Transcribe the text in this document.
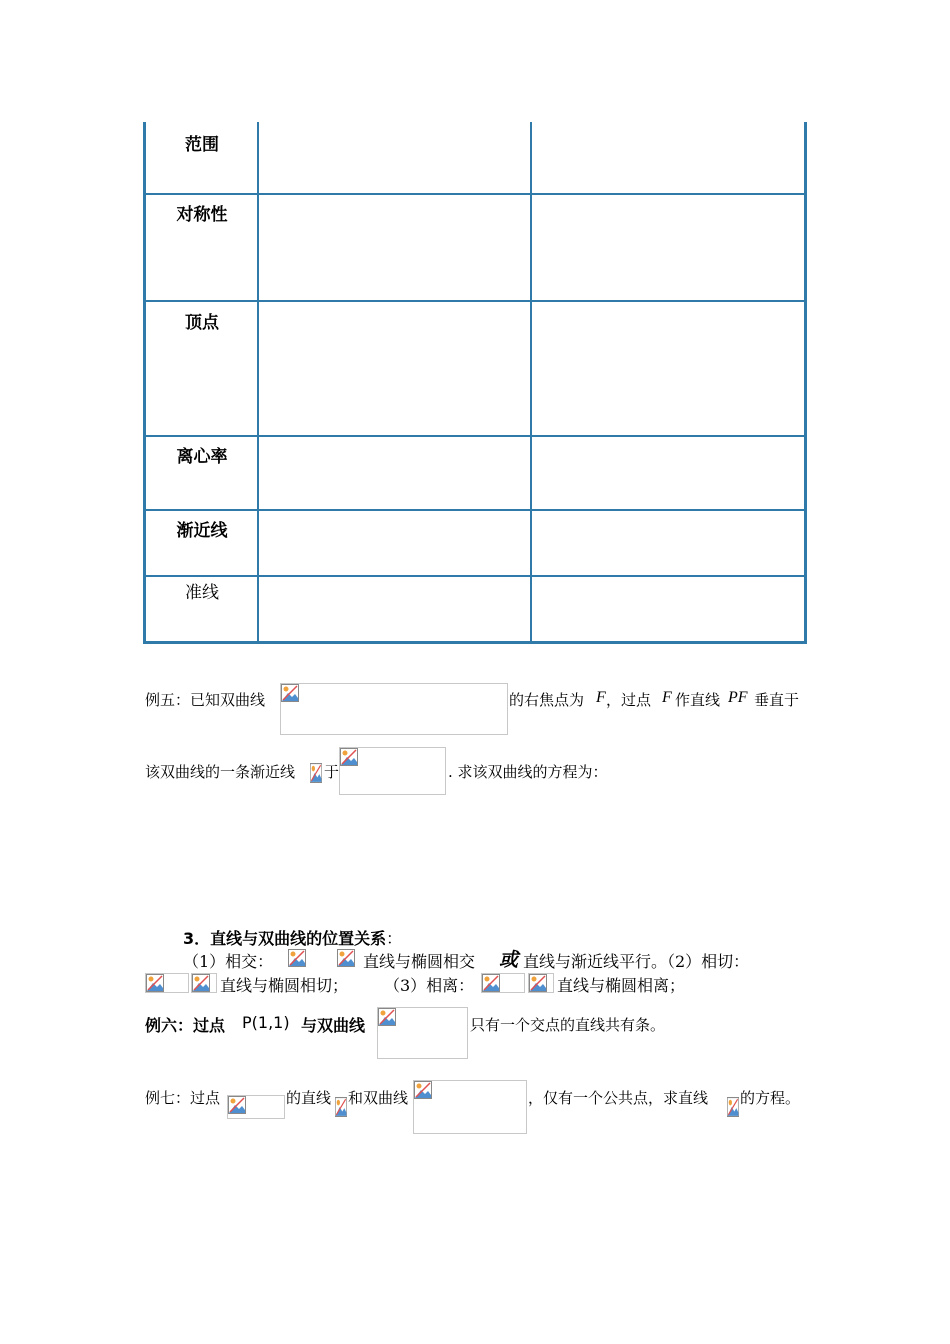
范围
对称性
顶点
离心率
渐近线
准线
例五：已知双曲线	的右焦点为 F ，过点 F 作直线 PF 垂直于
该双曲线的一条渐近线 于	. 求该双曲线的方程为：
3．直线与双曲线的位置关系：
（1）相交：	直线与椭圆相交 或 直线与渐近线平行。（2）相切：
直线与椭圆相切； （3）相离：	直线与椭圆相离；
例六：过点 P(1,1) 与双曲线	只有一个交点的直线共有条。
例七：过点	的直线 和双曲线	，仅有一个公共点，求直线 的方程。
